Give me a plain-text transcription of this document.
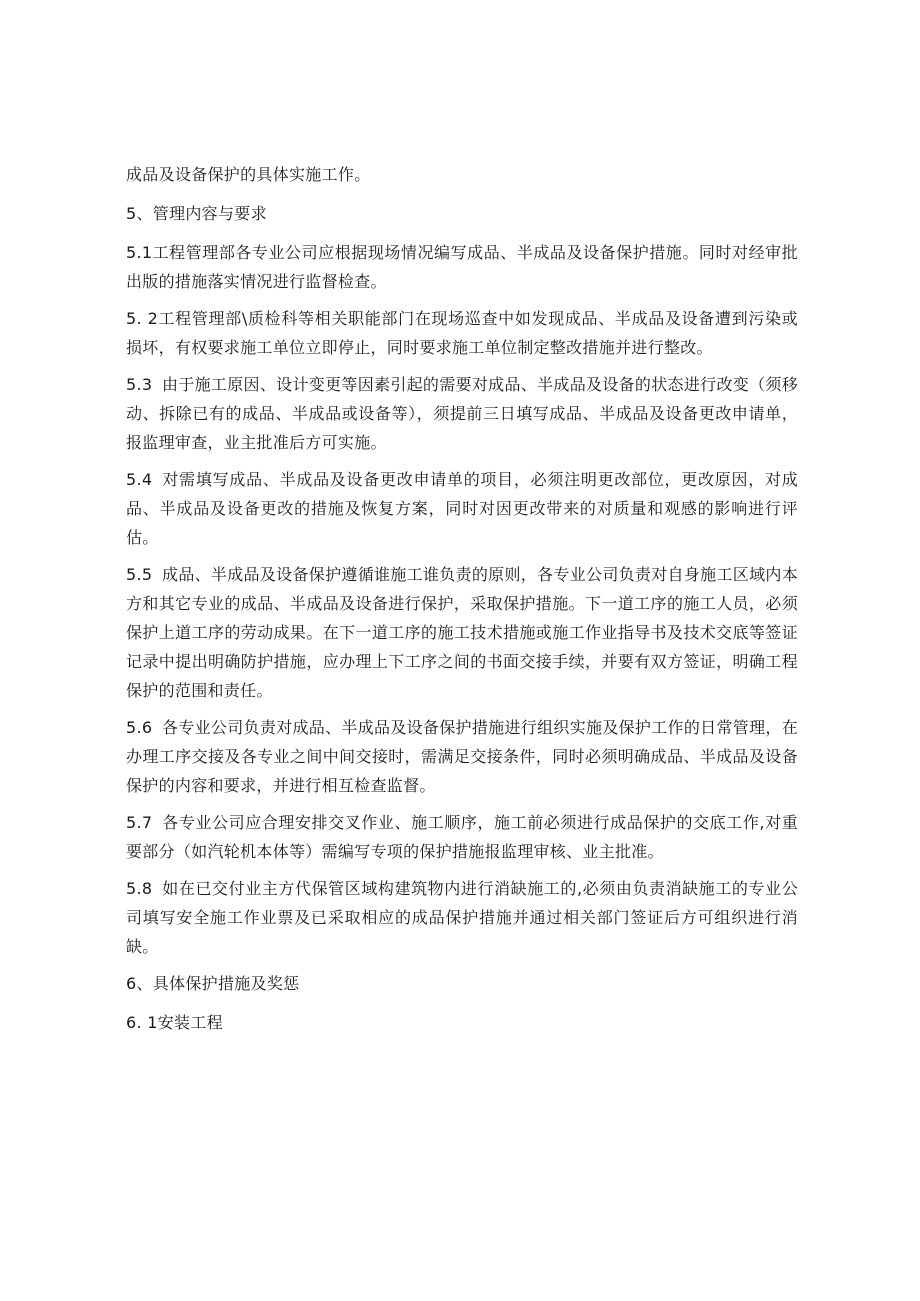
成品及设备保护的具体实施工作。

5、管理内容与要求

5.1工程管理部各专业公司应根据现场情况编写成品、半成品及设备保护措施。同时对经审批出版的措施落实情况进行监督检查。

5. 2工程管理部\质检科等相关职能部门在现场巡查中如发现成品、半成品及设备遭到污染或损坏，有权要求施工单位立即停止，同时要求施工单位制定整改措施并进行整改。

5.3 由于施工原因、设计变更等因素引起的需要对成品、半成品及设备的状态进行改变（须移动、拆除已有的成品、半成品或设备等），须提前三日填写成品、半成品及设备更改申请单，报监理审查，业主批准后方可实施。

5.4 对需填写成品、半成品及设备更改申请单的项目，必须注明更改部位，更改原因，对成品、半成品及设备更改的措施及恢复方案，同时对因更改带来的对质量和观感的影响进行评估。

5.5 成品、半成品及设备保护遵循谁施工谁负责的原则，各专业公司负责对自身施工区域内本方和其它专业的成品、半成品及设备进行保护，采取保护措施。下一道工序的施工人员，必须保护上道工序的劳动成果。在下一道工序的施工技术措施或施工作业指导书及技术交底等签证记录中提出明确防护措施，应办理上下工序之间的书面交接手续，并要有双方签证，明确工程保护的范围和责任。

5.6 各专业公司负责对成品、半成品及设备保护措施进行组织实施及保护工作的日常管理，在办理工序交接及各专业之间中间交接时，需满足交接条件，同时必须明确成品、半成品及设备保护的内容和要求，并进行相互检查监督。

5.7 各专业公司应合理安排交叉作业、施工顺序，施工前必须进行成品保护的交底工作,对重要部分（如汽轮机本体等）需编写专项的保护措施报监理审核、业主批准。

5.8 如在已交付业主方代保管区域构建筑物内进行消缺施工的,必须由负责消缺施工的专业公司填写安全施工作业票及已采取相应的成品保护措施并通过相关部门签证后方可组织进行消缺。

6、具体保护措施及奖惩

6. 1安装工程
